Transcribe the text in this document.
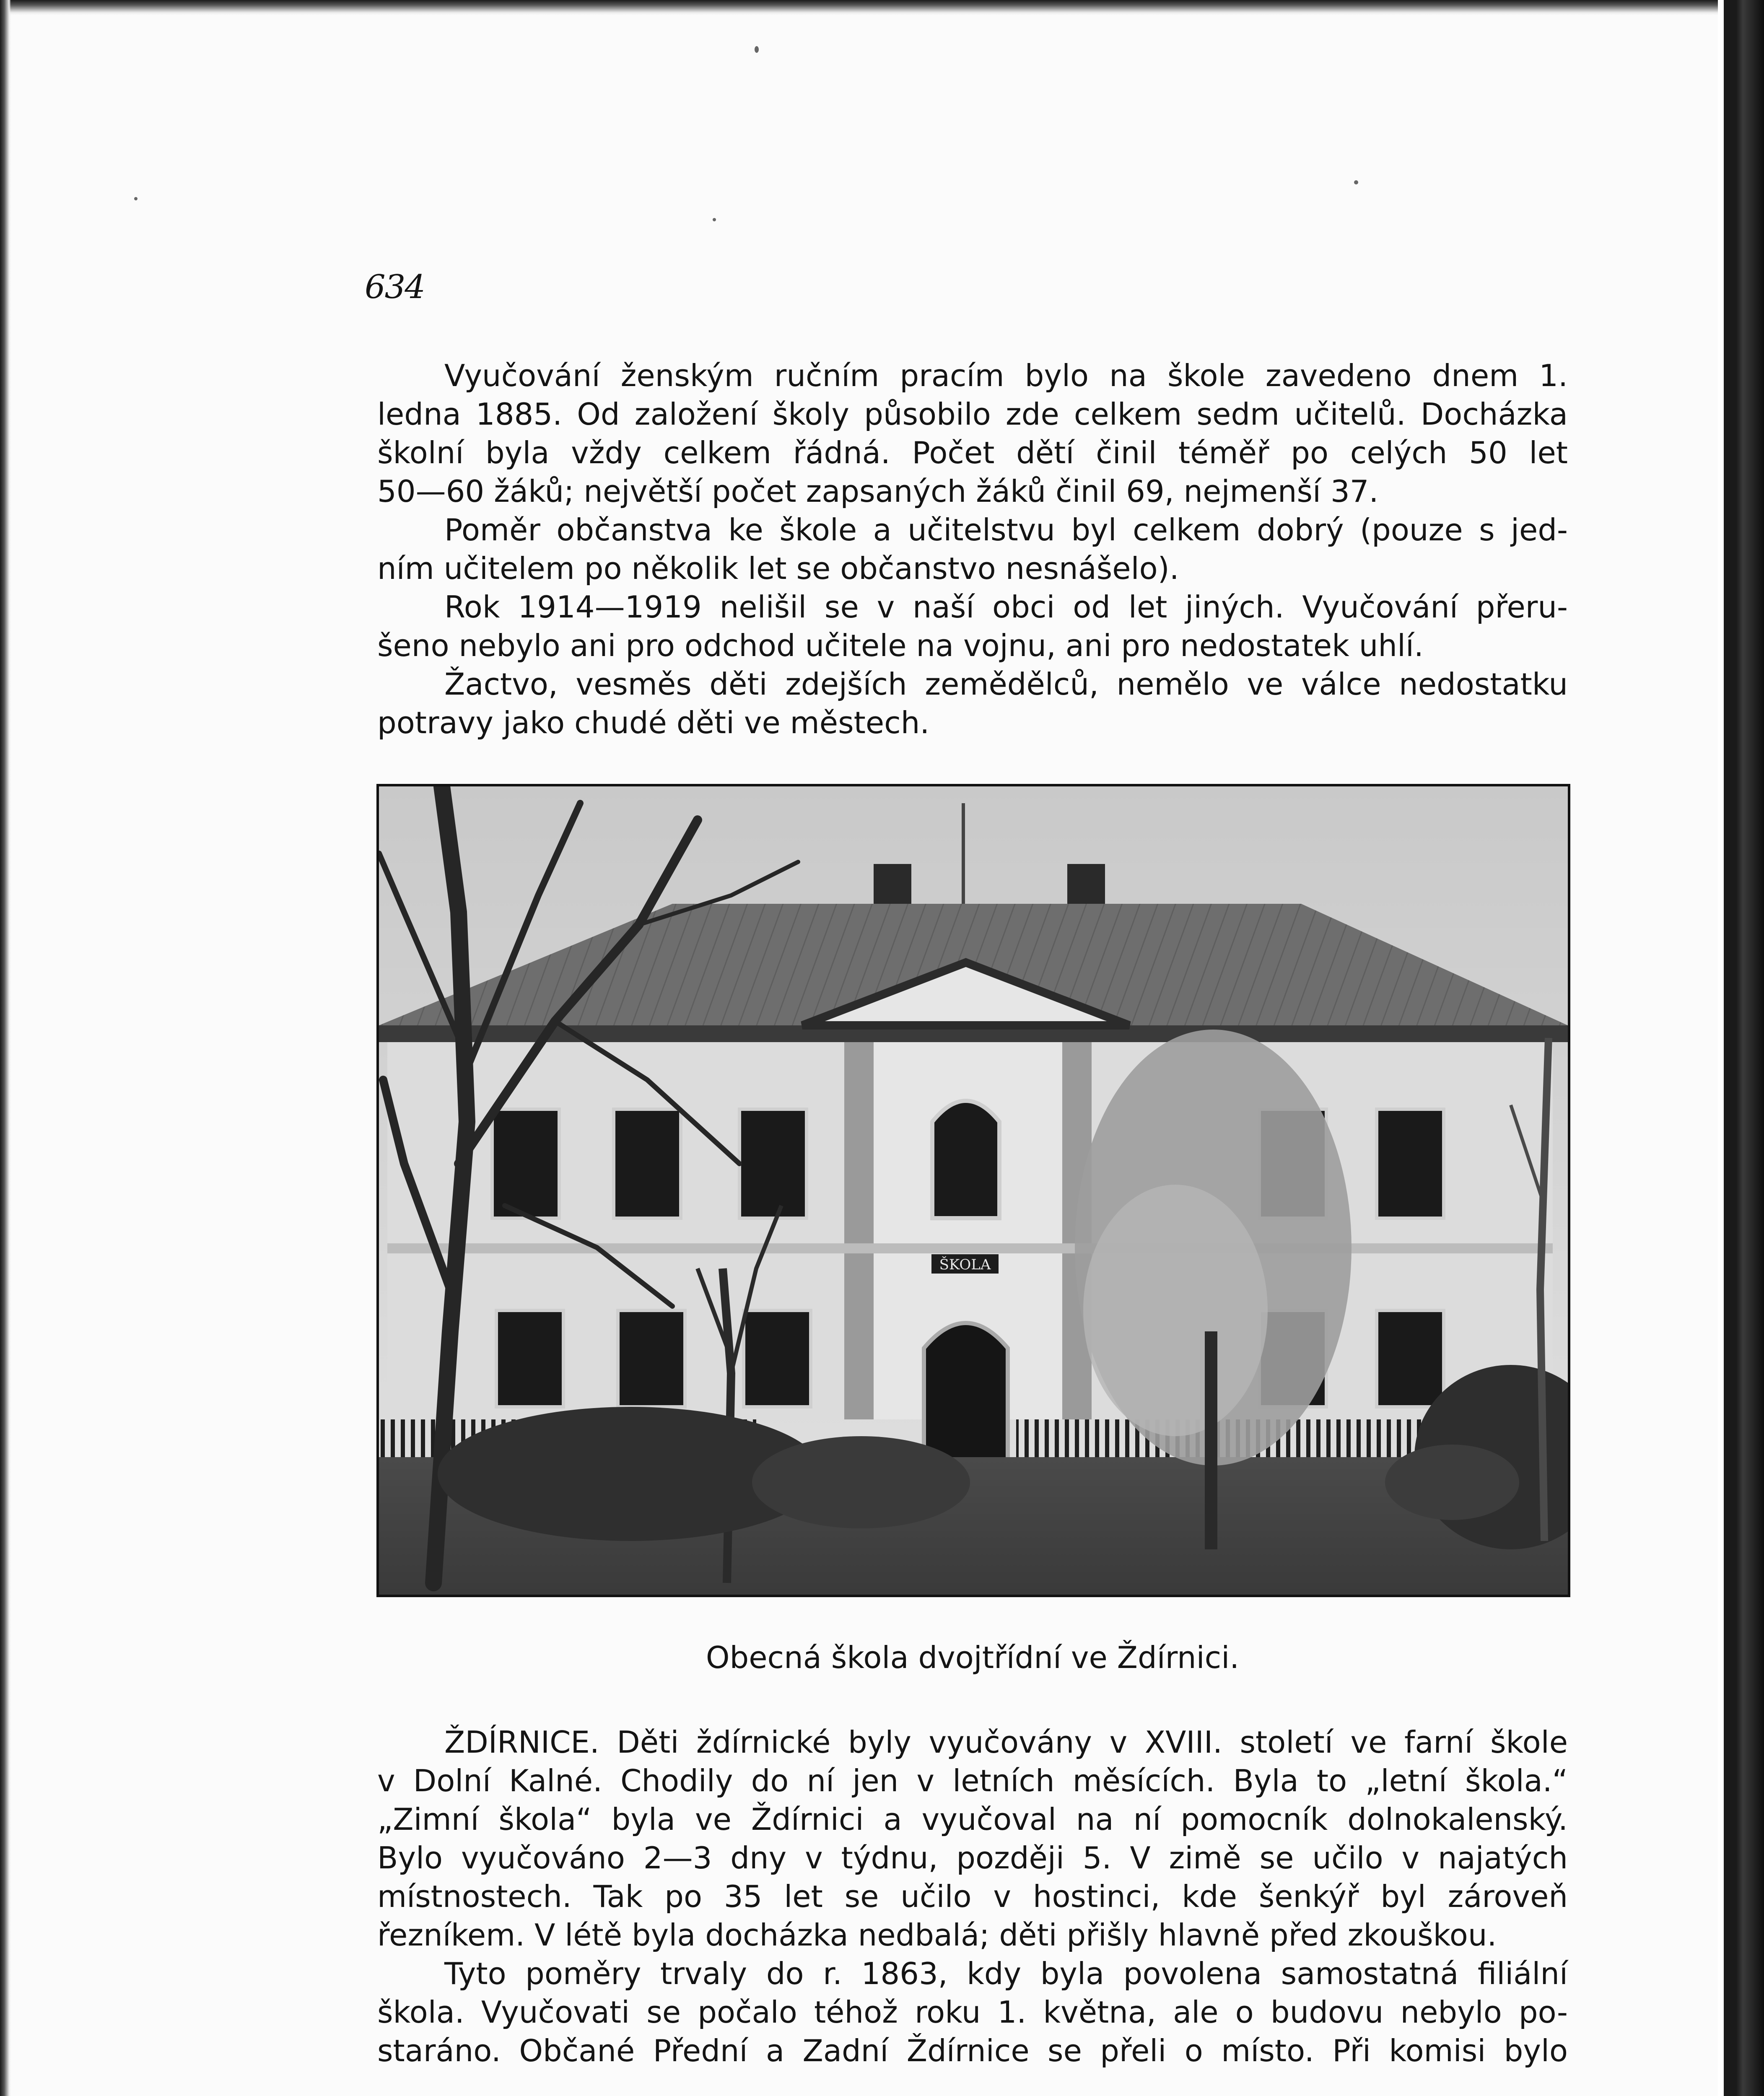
634

Vyučování ženským ručním pracím bylo na škole zavedeno dnem 1.

ledna 1885. Od založení školy působilo zde celkem sedm učitelů. Docházka

školní byla vždy celkem řádná. Počet dětí činil téměř po celých 50 let

50—60 žáků; největší počet zapsaných žáků činil 69, nejmenší 37.

Poměr občanstva ke škole a učitelstvu byl celkem dobrý (pouze s jed-

ním učitelem po několik let se občanstvo nesnášelo).

Rok 1914—1919 nelišil se v naší obci od let jiných. Vyučování přeru-

šeno nebylo ani pro odchod učitele na vojnu, ani pro nedostatek uhlí.

Žactvo, vesměs děti zdejších zemědělců, nemělo ve válce nedostatku

potravy jako chudé děti ve městech.

ŠKOLA
Obecná škola dvojtřídní ve Ždírnici.

ŽDÍRNICE. Děti ždírnické byly vyučovány v XVIII. století ve farní škole

v Dolní Kalné. Chodily do ní jen v letních měsících. Byla to „letní škola.“

„Zimní škola“ byla ve Ždírnici a vyučoval na ní pomocník dolnokalenský.

Bylo vyučováno 2—3 dny v týdnu, později 5. V zimě se učilo v najatých

místnostech. Tak po 35 let se učilo v hostinci, kde šenkýř byl zároveň

řezníkem. V létě byla docházka nedbalá; děti přišly hlavně před zkouškou.

Tyto poměry trvaly do r. 1863, kdy byla povolena samostatná filiální

škola. Vyučovati se počalo téhož roku 1. května, ale o budovu nebylo po-

staráno. Občané Přední a Zadní Ždírnice se přeli o místo. Při komisi bylo
